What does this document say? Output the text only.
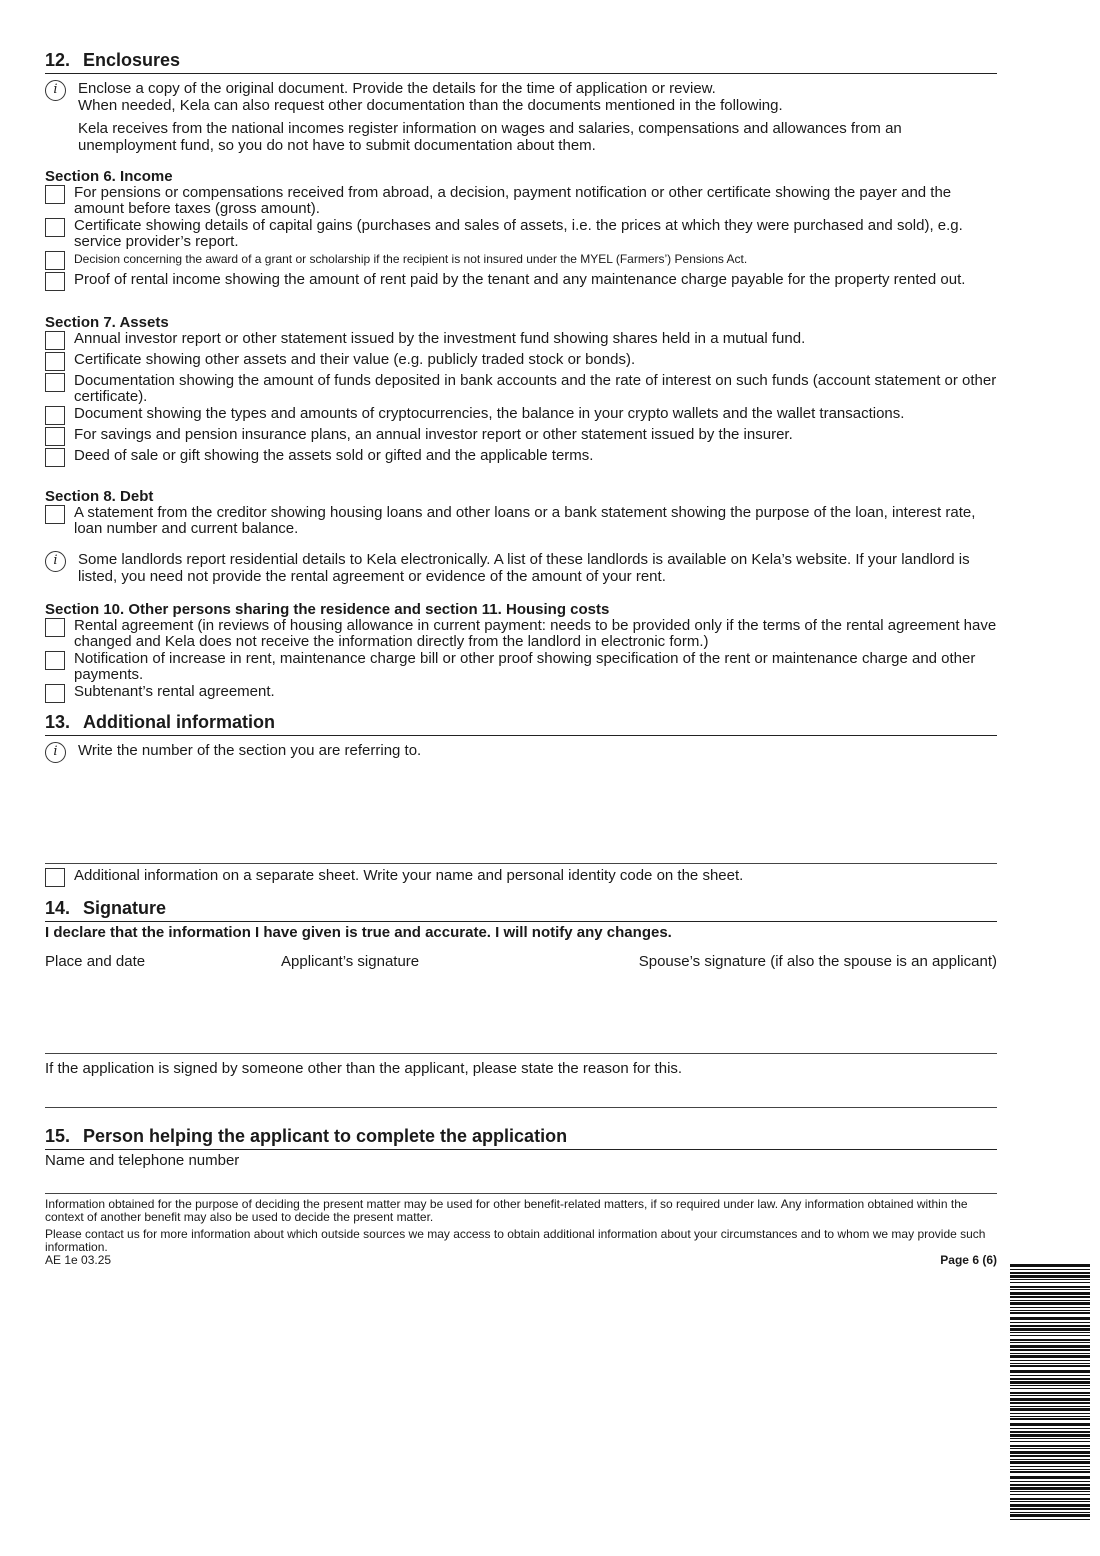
12. Enclosures
i	Enclose a copy of the original document. Provide the details for the time of application or review.

When needed, Kela can also request other documentation than the documents mentioned in the following.

Kela receives from the national incomes register information on wages and salaries, compensations and allowances from an unemployment fund, so you do not have to submit documentation about them.

Section 6. Income
For pensions or compensations received from abroad, a decision, payment notification or other certificate showing the payer and the amount before taxes (gross amount).
Certificate showing details of capital gains (purchases and sales of assets, i.e. the prices at which they were purchased and sold), e.g. service provider’s report.
Decision concerning the award of a grant or scholarship if the recipient is not insured under the MYEL (Farmers’) Pensions Act.
Proof of rental income showing the amount of rent paid by the tenant and any maintenance charge payable for the property rented out.
Section 7. Assets
Annual investor report or other statement issued by the investment fund showing shares held in a mutual fund.
Certificate showing other assets and their value (e.g. publicly traded stock or bonds).
Documentation showing the amount of funds deposited in bank accounts and the rate of interest on such funds (account statement or other certificate).
Document showing the types and amounts of cryptocurrencies, the balance in your crypto wallets and the wallet transactions.
For savings and pension insurance plans, an annual investor report or other statement issued by the insurer.
Deed of sale or gift showing the assets sold or gifted and the applicable terms.
Section 8. Debt
A statement from the creditor showing housing loans and other loans or a bank statement showing the purpose of the loan, interest rate, loan number and current balance.
i	Some landlords report residential details to Kela electronically. A list of these landlords is available on Kela’s website. If your landlord is listed, you need not provide the rental agreement or evidence of the amount of your rent.
Section 10. Other persons sharing the residence and section 11. Housing costs
Rental agreement (in reviews of housing allowance in current payment: needs to be provided only if the terms of the rental agreement have changed and Kela does not receive the information directly from the landlord in electronic form.)
Notification of increase in rent, maintenance charge bill or other proof showing specification of the rent or maintenance charge and other payments.
Subtenant’s rental agreement.
13. Additional information
i	Write the number of the section you are referring to.
Additional information on a separate sheet. Write your name and personal identity code on the sheet.
14. Signature
I declare that the information I have given is true and accurate. I will notify any changes.
Place and date	Applicant’s signature	Spouse’s signature (if also the spouse is an applicant)
If the application is signed by someone other than the applicant, please state the reason for this.
15. Person helping the applicant to complete the application
Name and telephone number
Information obtained for the purpose of deciding the present matter may be used for other benefit-related matters, if so required under law. Any information obtained within the context of another benefit may also be used to decide the present matter.
Please contact us for more information about which outside sources we may access to obtain additional information about your circumstances and to whom we may provide such information.
AE 1e 03.25	Page 6 (6)
